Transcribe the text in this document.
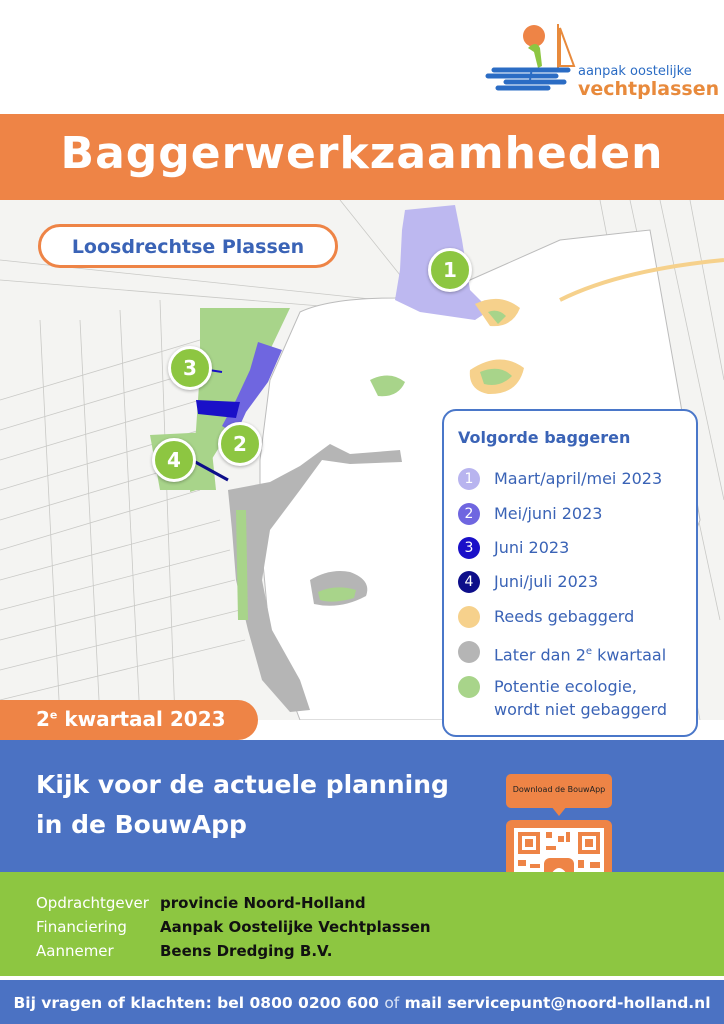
aanpak oostelijke
vechtplassen
Baggerwerkzaamheden
Loosdrechtse Plassen
1
2
3
4
Volgorde baggeren
1	Maart/april/mei 2023
2	Mei/juni 2023
3	Juni 2023
4	Juni/juli 2023
Reeds gebaggerd
Later dan 2e kwartaal
Potentie ecologie,
wordt niet gebaggerd
2e kwartaal 2023
Kijk voor de actuele planning
in de BouwApp
Download de BouwApp
Opdrachtgever provincie Noord-Holland
Financiering Aanpak Oostelijke Vechtplassen
Aannemer	Beens Dredging B.V.
Bij vragen of klachten: bel 0800 0200 600 of mail servicepunt@noord-holland.nl
